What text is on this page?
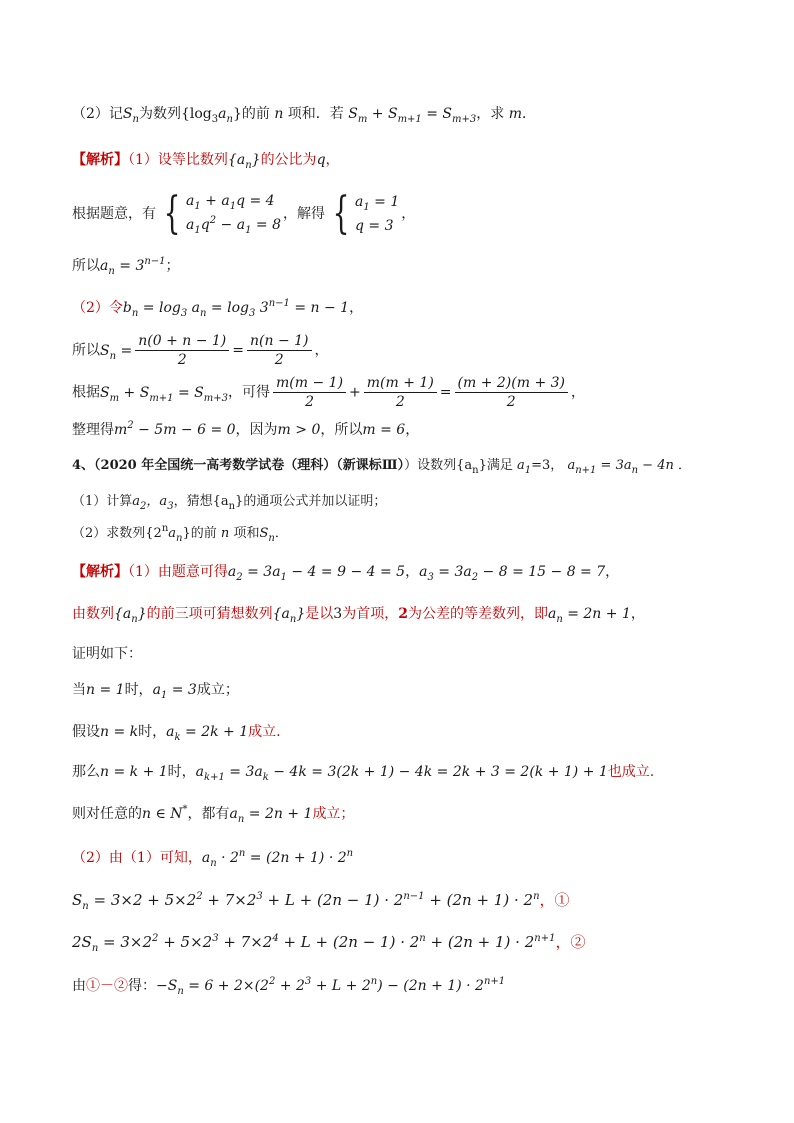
（2）记$S_n$为数列$\{\log_3a_n\}$的前 n 项和．若 $S_m + S_{m+1} = S_{m+3}$，求 m．
【解析】（1）设等比数列$\{a_n\}$的公比为q，
根据题意，有 { $a_1 + a_1q = 4$
$a_1q^2 - a_1 = 8$
，解得 { $a_1 = 1$
q = 3
，
所以$a_n = 3^{n-1}$；
（2）令$b_n = \log_3 a_n = \log_3 3^{n-1} = n - 1$，
所以$S_n = \frac{n(0 + n - 1)}{2} = \frac{n(n - 1)}{2}$ ，
根据$S_m + S_{m+1} = S_{m+3}$，可得 $\frac{m(m - 1)}{2} + \frac{m(m + 1)}{2} = \frac{(m + 2)(m + 3)}{2}$ ，
整理得$m^2 - 5m - 6 = 0$，因为m > 0，所以m = 6，
4、（2020 年全国统一高考数学试卷（理科）（新课标Ⅲ））设数列$\{a_n\}$满足 $a_1=3$， $a_{n+1} = 3a_n - 4n$ ．
（1）计算$a_2$，$a_3$，猜想$\{a_n\}$的通项公式并加以证明；
（2）求数列$\{2^na_n\}$的前 n 项和$S_n$．
【解析】（1）由题意可得$a_2 = 3a_1 - 4 = 9 - 4 = 5$，$a_3 = 3a_2 - 8 = 15 - 8 = 7$，
由数列$\{a_n\}$的前三项可猜想数列$\{a_n\}$是以3为首项，2为公差的等差数列，即$a_n = 2n + 1$，
证明如下：
当n = 1时，$a_1 = 3$成立；
假设n = k时，$a_k = 2k + 1$成立.
那么n = k + 1时，$a_{k+1} = 3a_k - 4k = 3(2k + 1) - 4k = 2k + 3 = 2(k + 1) + 1$也成立.
则对任意的n ∈ N*，都有$a_n = 2n + 1$成立；
（2）由（1）可知，$a_n \cdot 2^n = (2n + 1) \cdot 2^n$
$S_n = 3\times 2 + 5\times 2^2 + 7\times 2^3 + L + (2n - 1) \cdot 2^{n-1} + (2n + 1) \cdot 2^n$，①
$2S_n = 3\times 2^2 + 5\times 2^3 + 7\times 2^4 + L + (2n - 1) \cdot 2^n + (2n + 1) \cdot 2^{n+1}$，②
由①－②得：$-S_n = 6 + 2\times(2^2 + 2^3 + L + 2^n) - (2n + 1) \cdot 2^{n+1}$
